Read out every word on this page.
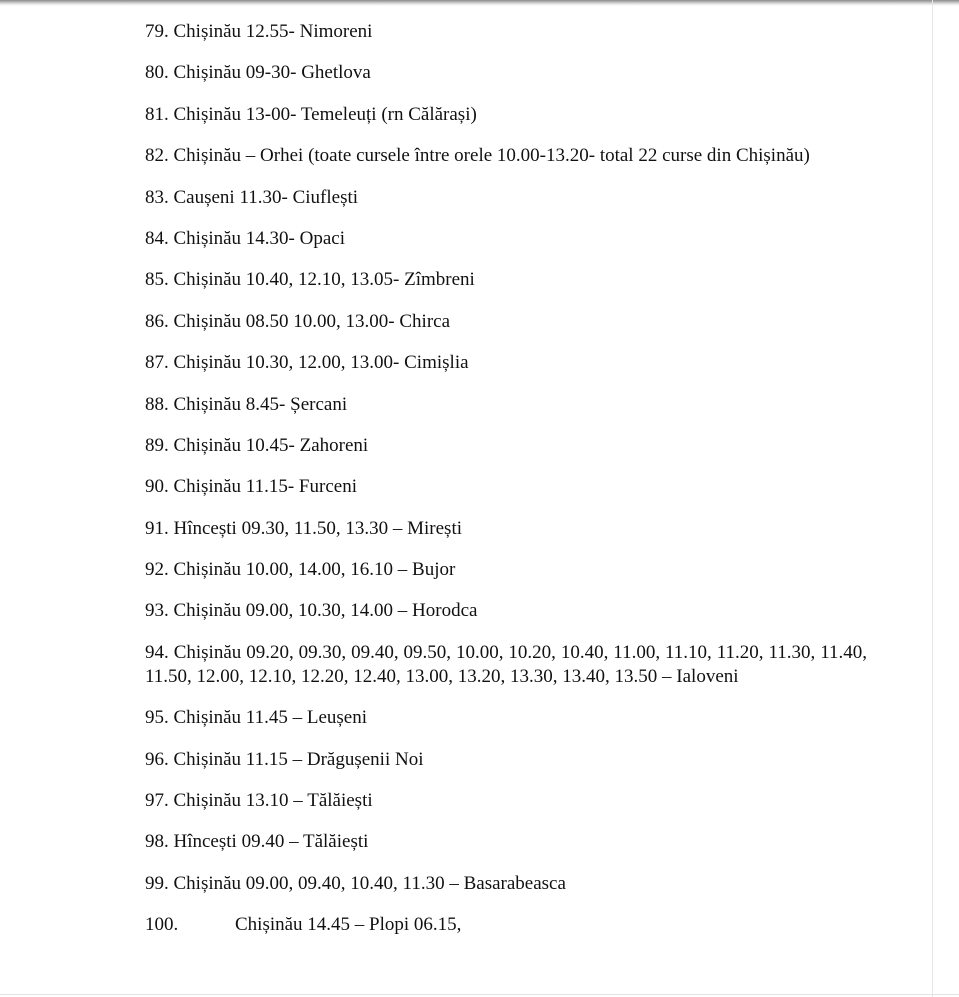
79. Chișinău 12.55- Nimoreni
80. Chișinău 09-30- Ghetlova
81. Chișinău 13-00- Temeleuți (rn Călărași)
82. Chișinău – Orhei (toate cursele între orele 10.00-13.20- total 22 curse din Chișinău)
83. Caușeni 11.30- Ciuflești
84. Chișinău 14.30- Opaci
85. Chișinău 10.40, 12.10, 13.05- Zîmbreni
86. Chișinău 08.50 10.00, 13.00- Chirca
87. Chișinău 10.30, 12.00, 13.00- Cimișlia
88. Chișinău 8.45- Șercani
89. Chișinău 10.45- Zahoreni
90. Chișinău 11.15- Furceni
91. Hîncești 09.30, 11.50, 13.30 – Mirești
92. Chișinău 10.00, 14.00, 16.10 – Bujor
93. Chișinău 09.00, 10.30, 14.00 – Horodca
94. Chișinău 09.20, 09.30, 09.40, 09.50, 10.00, 10.20, 10.40, 11.00, 11.10, 11.20, 11.30, 11.40, 11.50, 12.00, 12.10, 12.20, 12.40, 13.00, 13.20, 13.30, 13.40, 13.50 – Ialoveni
95. Chișinău 11.45 – Leușeni
96. Chișinău 11.15 – Drăgușenii Noi
97. Chișinău 13.10 – Tălăiești
98. Hîncești 09.40 – Tălăiești
99. Chișinău 09.00, 09.40, 10.40, 11.30 – Basarabeasca
100.	Chișinău 14.45 – Plopi 06.15,
